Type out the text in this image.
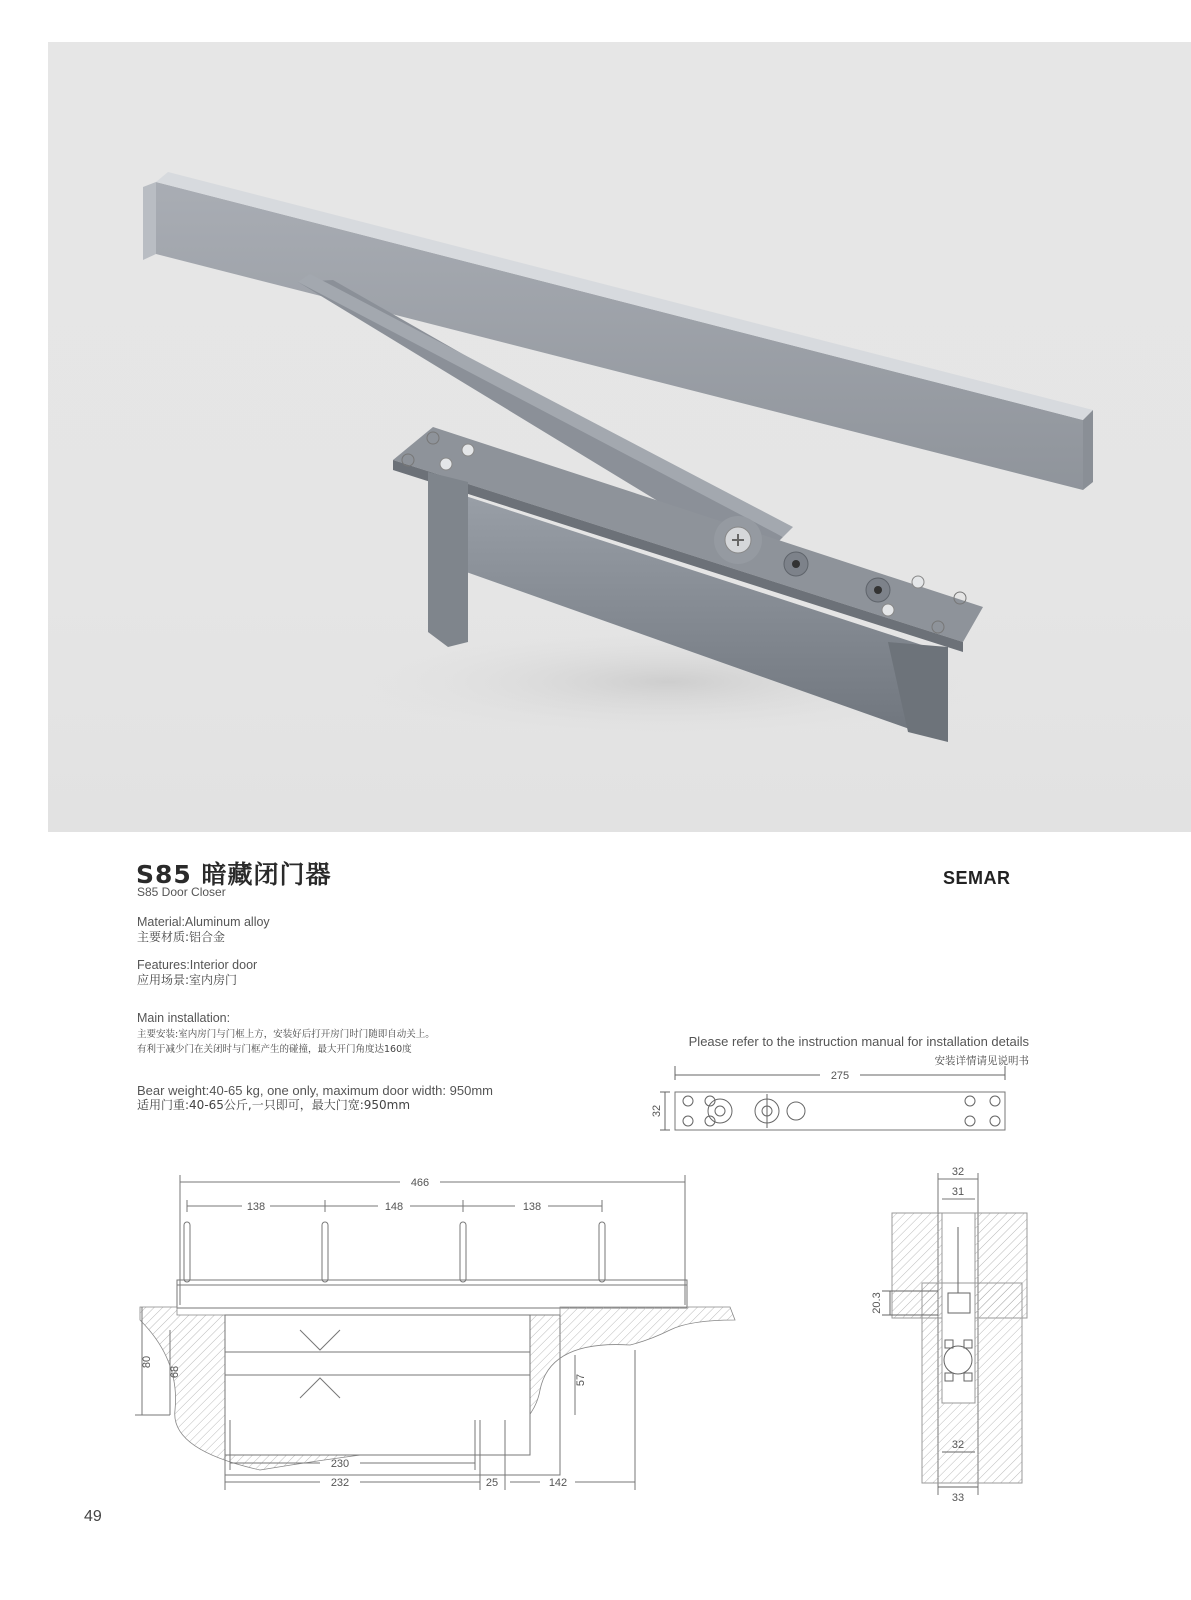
S85 暗藏闭门器
S85 Door Closer
SEMAR
Material:Aluminum alloy
主要材质:铝合金
Features:Interior door
应用场景:室内房门
Main installation:
主要安装:室内房门与门框上方，安装好后打开房门时门随即自动关上。
有利于减少门在关闭时与门框产生的碰撞，最大开门角度达160度
Bear weight:40-65 kg, one only, maximum door width: 950mm
适用门重:40-65公斤,一只即可，最大门宽:950mm
Please refer to the instruction manual for installation details
安装详情请见说明书
275
32
466
138	148	138
80
68
57
230
232	25	142
32
31
20.3
32
33
49
